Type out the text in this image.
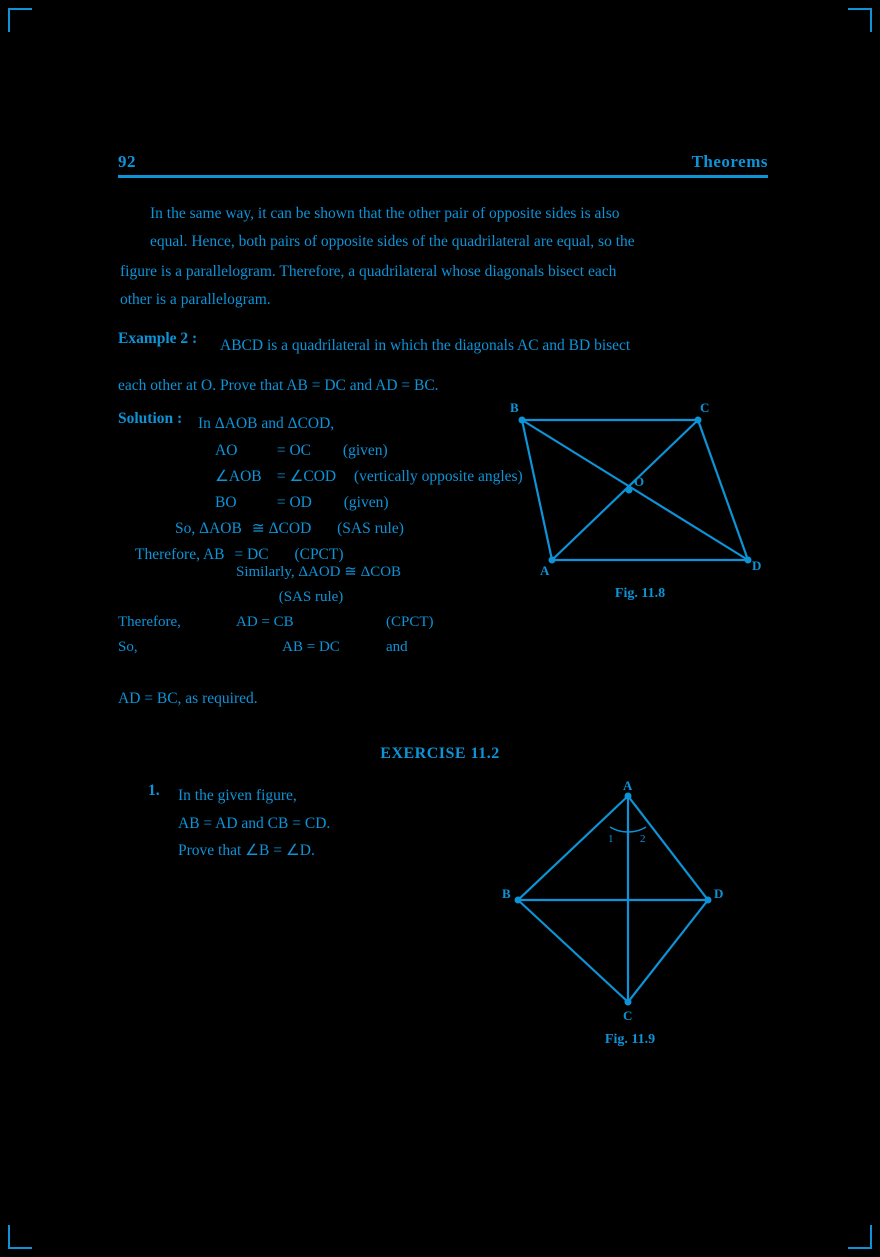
92	Theorems
In the same way, it can be shown that the other pair of opposite sides is also
equal. Hence, both pairs of opposite sides of the quadrilateral are equal, so the
figure is a parallelogram. Therefore, a quadrilateral whose diagonals bisect each
other is a parallelogram.
Example 2 : ABCD is a quadrilateral in which the diagonals AC and BD bisect
each other at O. Prove that AB = DC and AD = BC.
Solution : In ΔAOB and ΔCOD,
AO	= OC (given)
∠AOB = ∠COD (vertically opposite angles)
BO	= OD (given)
So, ΔAOB ≅ ΔCOD (SAS rule)
Therefore, AB = DC (CPCT)
Similarly, ΔAOD ≅ ΔCOB
(SAS rule)
Therefore,	AD = CB	(CPCT)
So,	AB = DC	and
AD = BC, as required.
EXERCISE 11.2
1. In the given figure,
AB = AD and CB = CD.
Prove that ∠B = ∠D.
B	C
A	D
O
Fig. 11.8
1 2
A
B	D
C
Fig. 11.9
